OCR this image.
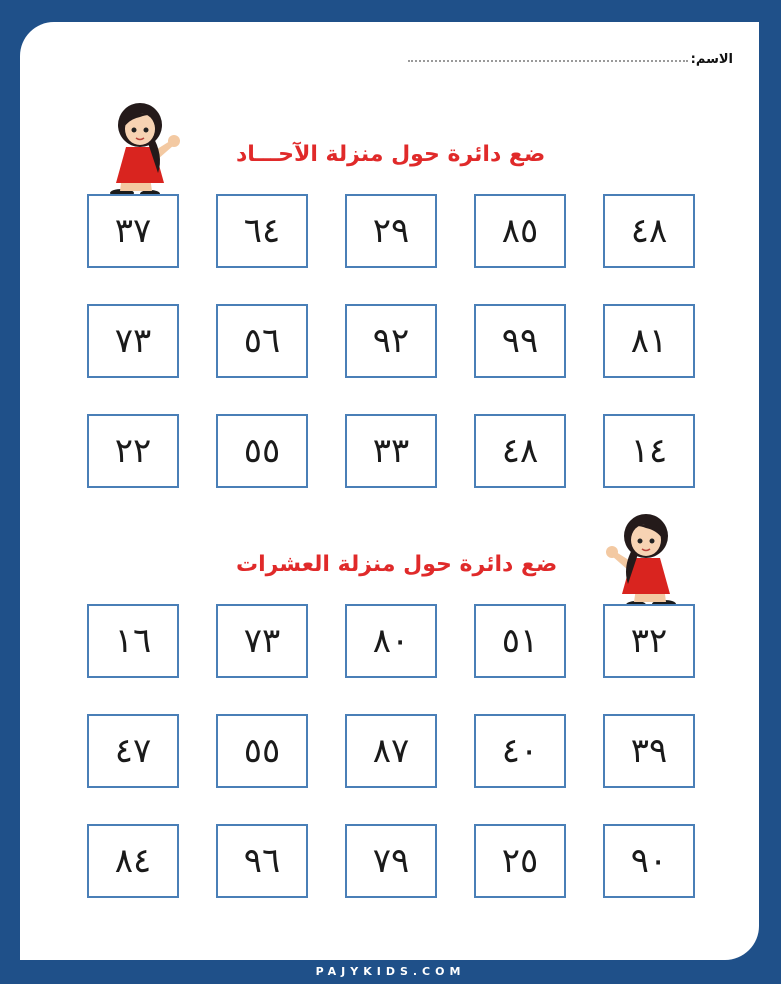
الاسم:
ضع دائرة حول منزلة الآحـــاد
٤٨
٨٥
٢٩
٦٤
٣٧
٨١
٩٩
٩٢
٥٦
٧٣
١٤
٤٨
٣٣
٥٥
٢٢
ضع دائرة حول منزلة العشرات
٣٢
٥١
٨٠
٧٣
١٦
٣٩
٤٠
٨٧
٥٥
٤٧
٩٠
٢٥
٧٩
٩٦
٨٤
PAJYKIDS.COM
